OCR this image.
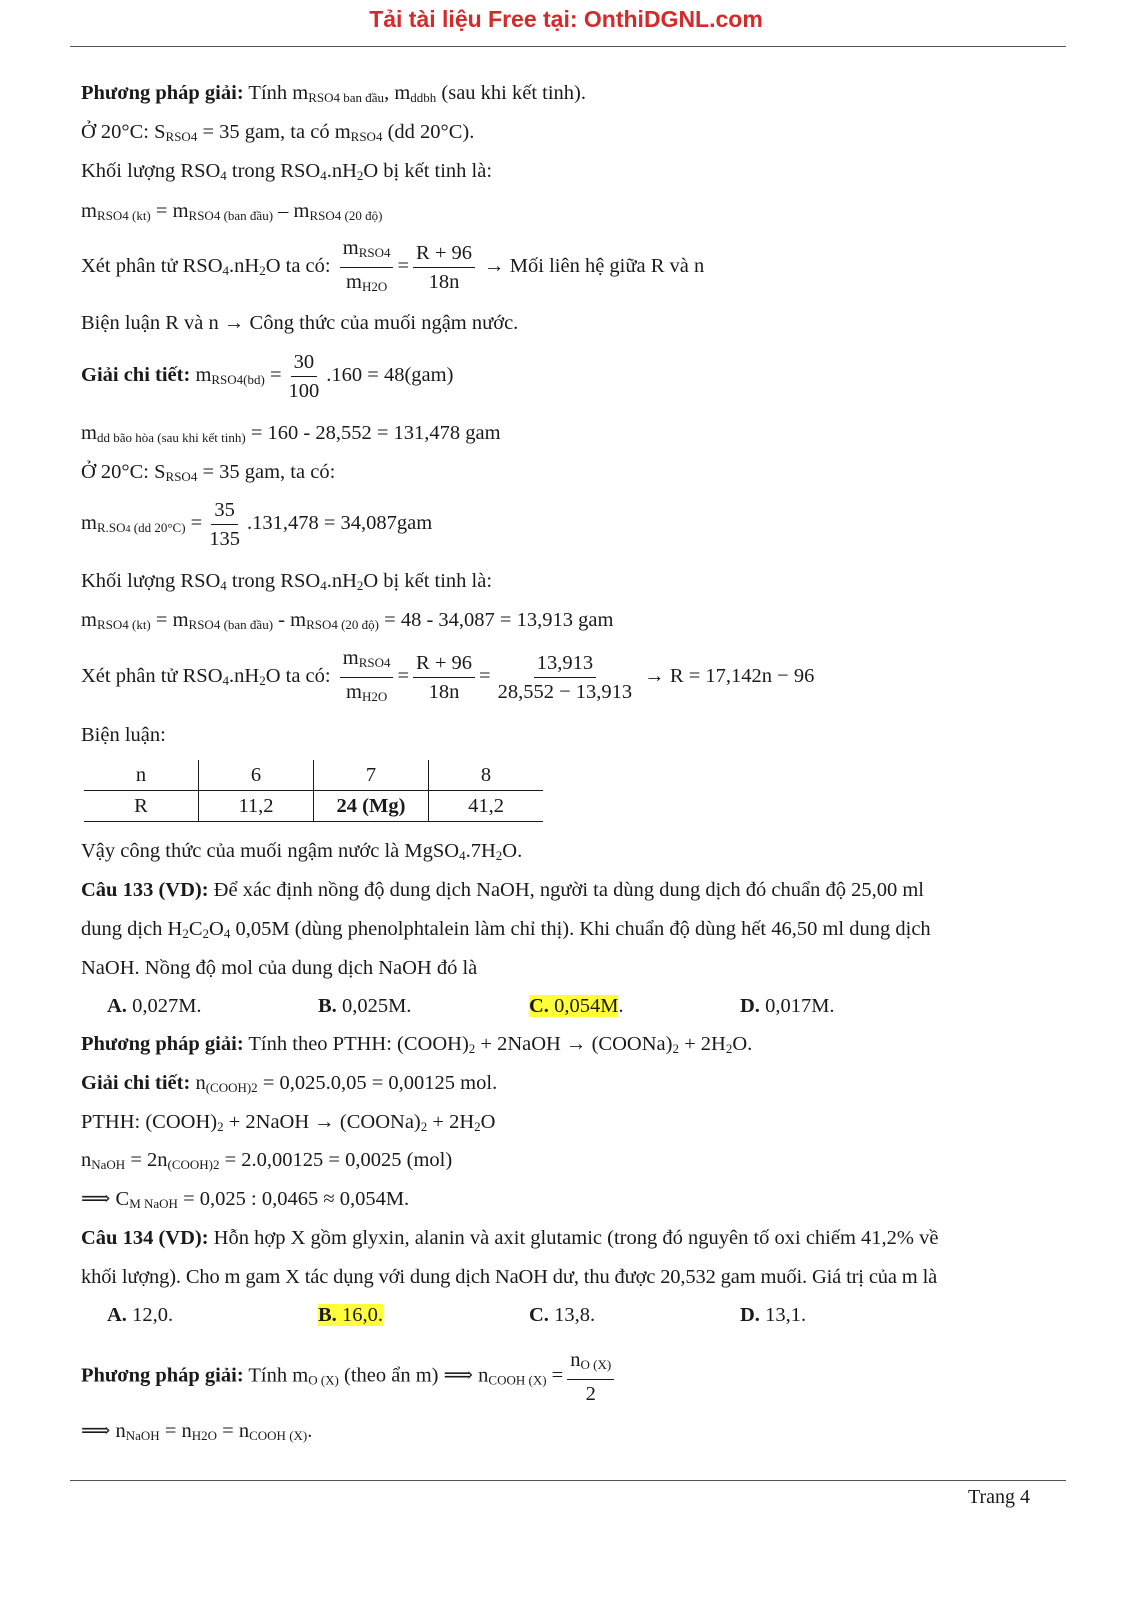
Tải tài liệu Free tại: OnthiDGNL.com
Phương pháp giải: Tính mRSO4 ban đầu, mddbh (sau khi kết tinh).
Ở 20°C: SRSO4 = 35 gam, ta có mRSO4 (dd 20°C).
Khối lượng RSO4 trong RSO4.nH2O bị kết tinh là:
mRSO4 (kt) = mRSO4 (ban đầu) – mRSO4 (20 độ)
Xét phân tử RSO4.nH2O ta có: $\frac{\text{mRSO4}}{mH2O} = \frac{R + 96}{18n}$ → Mối liên hệ giữa R và n
Biện luận R và n → Công thức của muối ngậm nước.
Giải chi tiết: mRSO4(bd) = $\frac{30}{100} .160 = 48(gam)$
mdd bão hòa (sau khi kết tinh) = 160 - 28,552 = 131,478 gam
Ở 20°C: SRSO4 = 35 gam, ta có:
mR.SO4 (dd $20^\circ C) = \frac{35}{135} .131,478 = 34,087gam$
Khối lượng RSO4 trong RSO4.nH2O bị kết tinh là:
mRSO4 (kt) = mRSO4 (ban đầu) - mRSO4 (20 độ) = 48 - 34,087 = 13,913 gam
Xét phân tử RSO4.nH2O ta có: $\frac{\text{mRSO4}}{mH2O} = \frac{R + 96}{18n} = \frac{13,913}{28,552 - 13,913} \to R = 17,142n - 96$
Biện luận:
n	6	7	8
R	11,2	24 (Mg)	41,2
Vậy công thức của muối ngậm nước là MgSO4.7H2O.
Câu 133 (VD): Để xác định nồng độ dung dịch NaOH, người ta dùng dung dịch đó chuẩn độ 25,00 ml
dung dịch H2C2O4 0,05M (dùng phenolphtalein làm chỉ thị). Khi chuẩn độ dùng hết 46,50 ml dung dịch
NaOH. Nồng độ mol của dung dịch NaOH đó là
A. 0,027M.	B. 0,025M.	C. 0,054M.	D. 0,017M.
Phương pháp giải: Tính theo PTHH: (COOH)2 + 2NaOH → (COONa)2 + 2H2O.
Giải chi tiết: n(COOH)2 = 0,025.0,05 = 0,00125 mol.
PTHH: (COOH)2 + 2NaOH → (COONa)2 + 2H2O
nNaOH = 2n(COOH)2 = 2.0,00125 = 0,0025 (mol)
⟹ CM NaOH = 0,025 : 0,0465 ≈ 0,054M.
Câu 134 (VD): Hỗn hợp X gồm glyxin, alanin và axit glutamic (trong đó nguyên tố oxi chiếm 41,2% về
khối lượng). Cho m gam X tác dụng với dung dịch NaOH dư, thu được 20,532 gam muối. Giá trị của m là
A. 12,0.	B. 16,0.	C. 13,8.	D. 13,1.
Phương pháp giải: Tính mO (X) (theo ẩn m) ⟹ nCOOH $(X) = \frac{nO (X)}{2}$
⟹ nNaOH = nH2O = nCOOH (X).
Trang 4
